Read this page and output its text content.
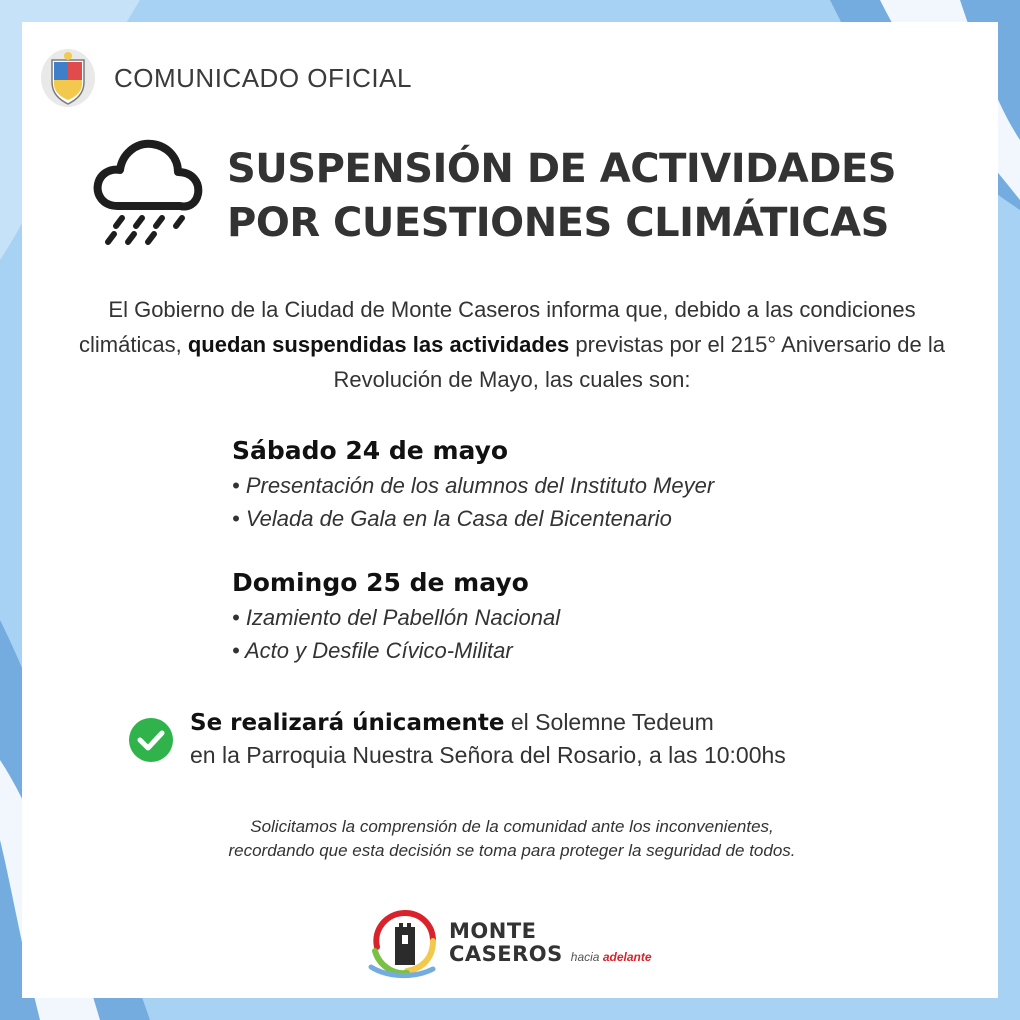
COMUNICADO OFICIAL
SUSPENSIÓN DE ACTIVIDADES
POR CUESTIONES CLIMÁTICAS
El Gobierno de la Ciudad de Monte Caseros informa que, debido a las condiciones climáticas, quedan suspendidas las actividades previstas por el 215° Aniversario de la Revolución de Mayo, las cuales son:
Sábado 24 de mayo
• Presentación de los alumnos del Instituto Meyer
• Velada de Gala en la Casa del Bicentenario
Domingo 25 de mayo
• Izamiento del Pabellón Nacional
• Acto y Desfile Cívico-Militar
Se realizará únicamente el Solemne Tedeum
en la Parroquia Nuestra Señora del Rosario, a las 10:00hs
Solicitamos la comprensión de la comunidad ante los inconvenientes,
recordando que esta decisión se toma para proteger la seguridad de todos.
MONTE
CASEROS hacia adelante
